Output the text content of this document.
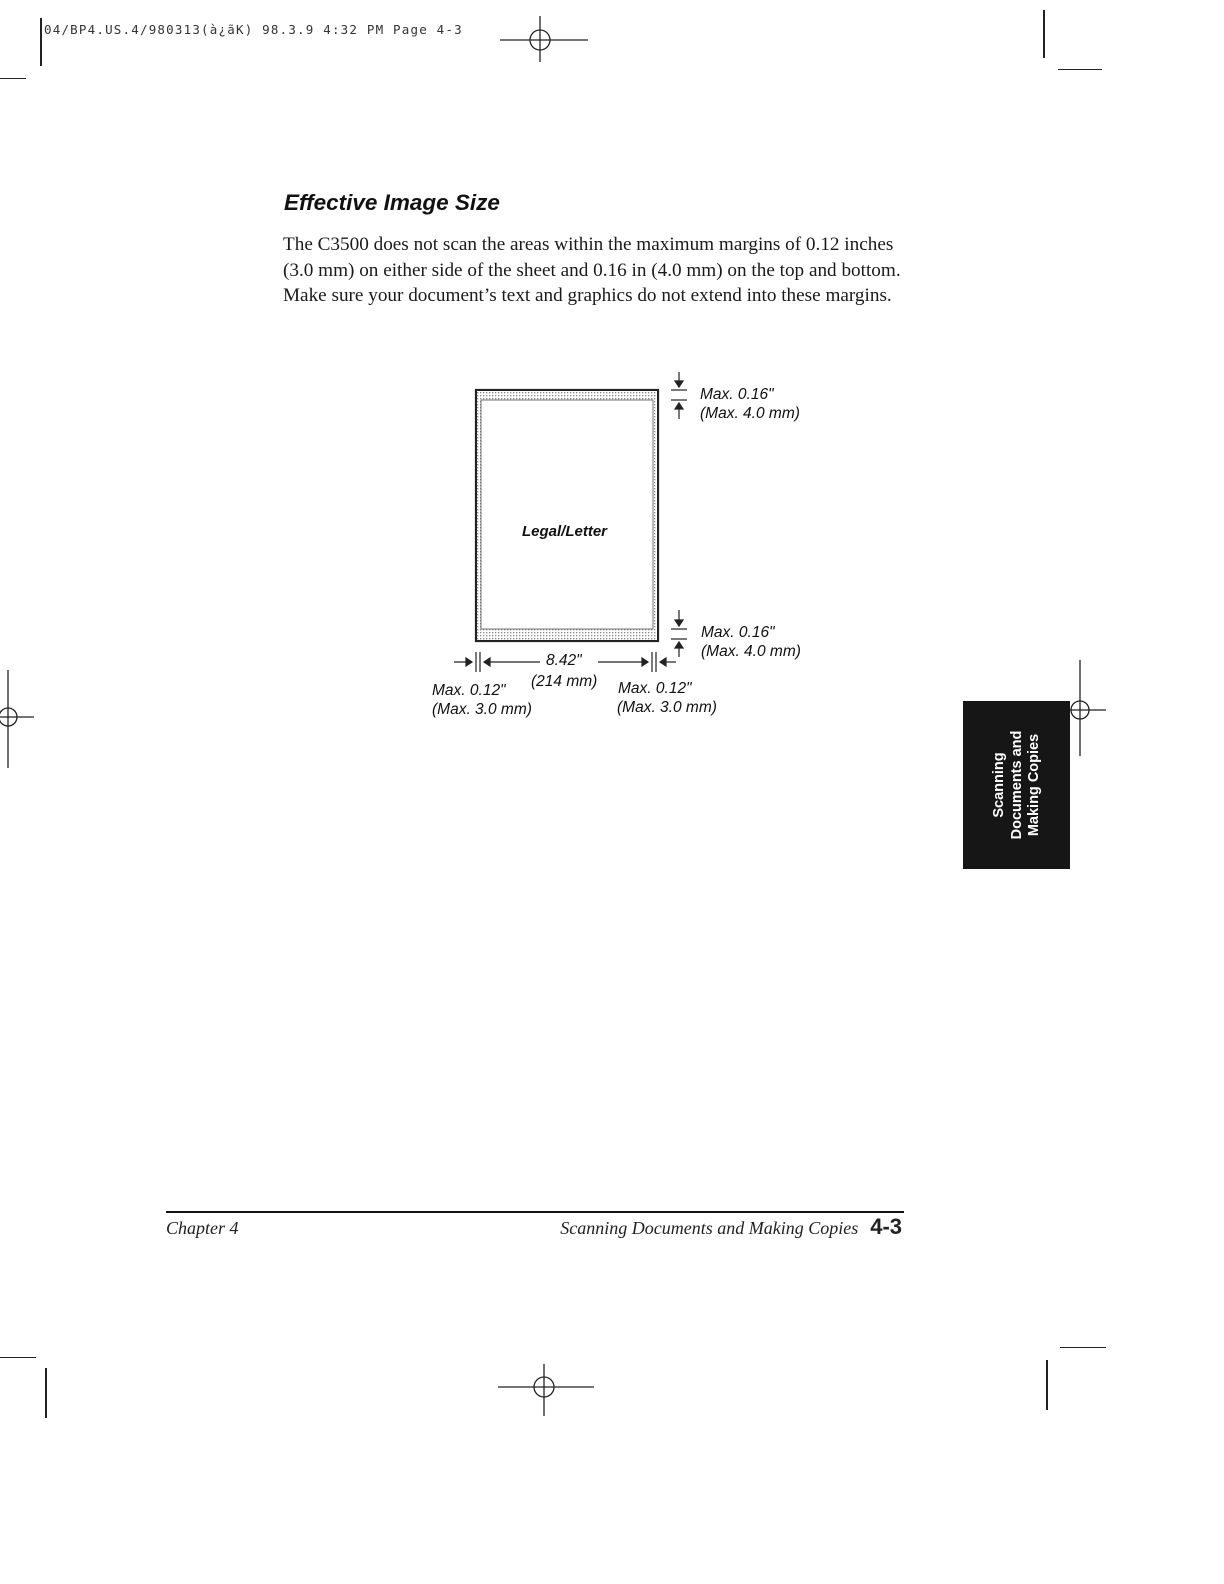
04/BP4.US.4/980313(à¿ãK) 98.3.9 4:32 PM Page 4-3
Effective Image Size
The C3500 does not scan the areas within the maximum margins of 0.12 inches (3.0 mm) on either side of the sheet and 0.16 in (4.0 mm) on the top and bottom. Make sure your document’s text and graphics do not extend into these margins.
Legal/Letter
Max. 0.16"
(Max. 4.0 mm)
Max. 0.16"
(Max. 4.0 mm)
8.42"
(214 mm)
Max. 0.12"
(Max. 3.0 mm)
Max. 0.12"
(Max. 3.0 mm)
Scanning Documents and Making Copies
Chapter 4	Scanning Documents and Making Copies 4-3
